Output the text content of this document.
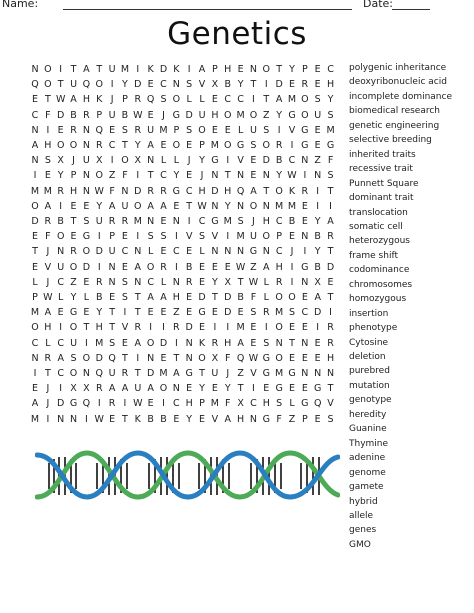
Name:	Date:
Genetics
N O I T A T U M I K D K I A P H E N O T Y P E C
Q O T U Q O I Y D E C N S V X B Y T I D E R E H
E T W A H K J P R Q S O L L E C C I T A M O S Y
C F D B R P U B W E J G D U H O M O Z Y G O U S
N I E R N Q E S R U M P S O E E L U S I V G E M
A H O O N R C T Y A E O E P M O G S O R I G E G
N S X J U X I O X N L L J Y G I V E D B C N Z F
I E Y P N O Z F I T C Y E J N T N E N Y W I N S
M M R H N W F N D R R G C H D H Q A T O K R I T
O A I E E Y A U O A A E T W N Y N O N M M E I	I
D R B T S U R R M N E N I C G M S J H C B E Y A
E F O E G I P E I S S I V S V I M U O P E N B R
T J N R O D U C N L E C E L N N N G N C J	I Y T
E V U O D I N E A O R I B E E E W Z A H I G B D
L J C Z E R N S N C L N R E Y X T W L R I N X E
P W L Y L B E S T A A H E D T D B F L O O E A T
M A E G E Y T I T E E Z E G E D E S R M S C D I
O H I O T H T V R I	I R D E I	I M E I O E E I R
C L C U I M S E A O D I N K R H A E S N T N E R
N R A S O D Q T I N E T N O X F Q W G O E E E H
I T C O N Q U R T D M A G T U J Z V G M G N N N
E J	I X X R A A U A O N E Y E Y T I E G E E G T
A J D G Q I R I W E I C H P M F X C H S L G Q V
M I N N I W E T K B B E Y E V A H N G F Z P E S
polygenic inheritance
deoxyribonucleic acid
incomplete dominance
biomedical research
genetic engineering
selective breeding
inherited traits
recessive trait
Punnett Square
dominant trait
translocation
somatic cell
heterozygous
frame shift
codominance
chromosomes
homozygous
insertion
phenotype
Cytosine
deletion
purebred
mutation
genotype
heredity
Guanine
Thymine
adenine
genome
gamete
hybrid
allele
genes
GMO
